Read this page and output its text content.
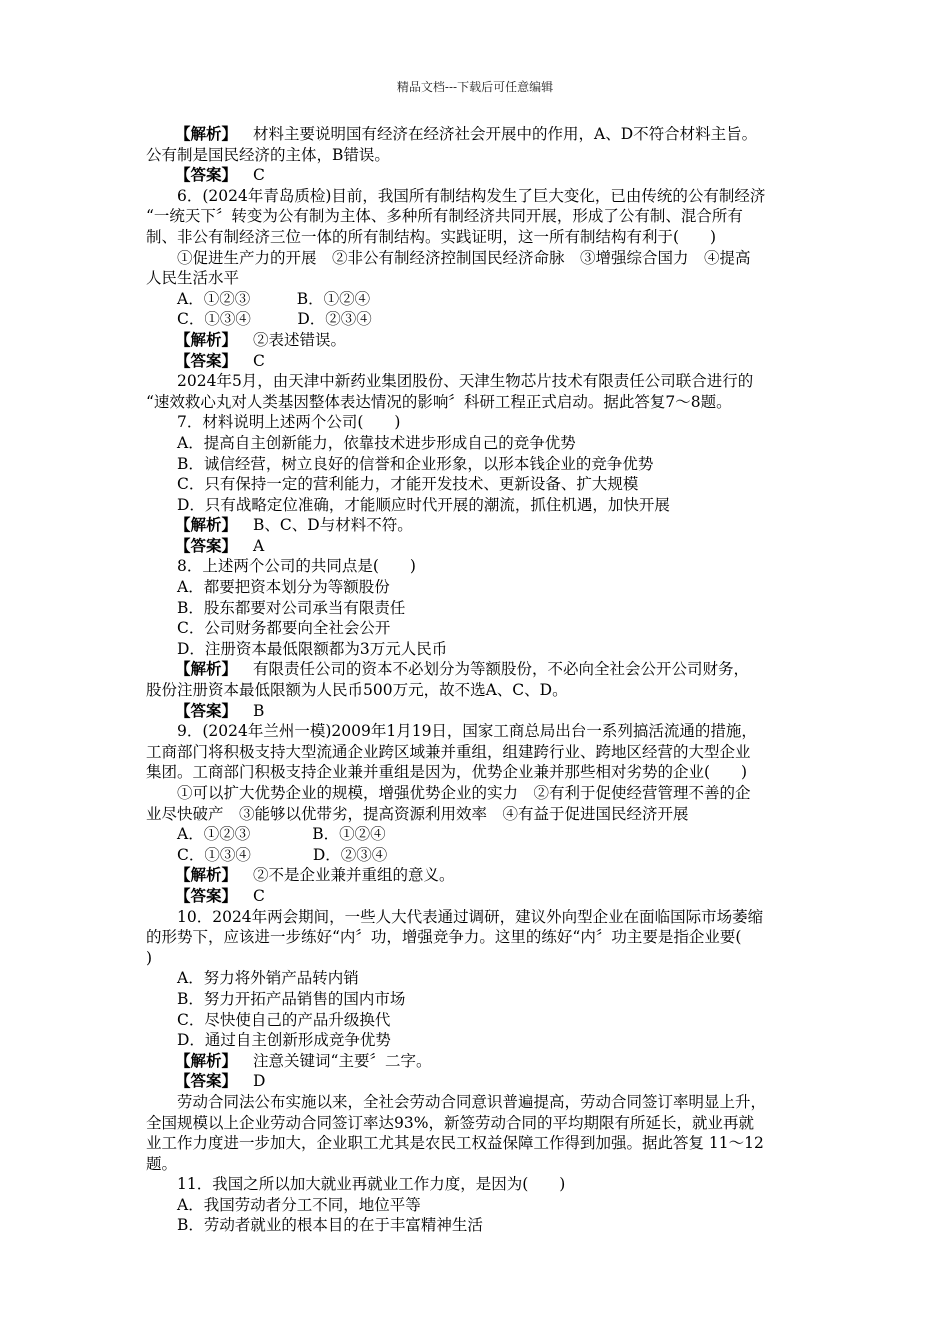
精品文档---下载后可任意编辑
【解析】 材料主要说明国有经济在经济社会开展中的作用，A、D不符合材料主旨。
公有制是国民经济的主体，B错误。
【答案】 C
6．(2024年青岛质检)目前，我国所有制结构发生了巨大变化，已由传统的公有制经济
“一统天下〞转变为公有制为主体、多种所有制经济共同开展，形成了公有制、混合所有
制、非公有制经济三位一体的所有制结构。实践证明，这一所有制结构有利于(　　)
①促进生产力的开展　②非公有制经济控制国民经济命脉　③增强综合国力　④提高
人民生活水平
A．①②③　　　B．①②④
C．①③④　　　D．②③④
【解析】 ②表述错误。
【答案】 C
2024年5月，由天津中新药业集团股份、天津生物芯片技术有限责任公司联合进行的
“速效救心丸对人类基因整体表达情况的影响〞科研工程正式启动。据此答复7～8题。
7．材料说明上述两个公司(　　)
A．提高自主创新能力，依靠技术进步形成自己的竞争优势
B．诚信经营，树立良好的信誉和企业形象，以形本钱企业的竞争优势
C．只有保持一定的营利能力，才能开发技术、更新设备、扩大规模
D．只有战略定位准确，才能顺应时代开展的潮流，抓住机遇，加快开展
【解析】 B、C、D与材料不符。
【答案】 A
8．上述两个公司的共同点是(　　)
A．都要把资本划分为等额股份
B．股东都要对公司承当有限责任
C．公司财务都要向全社会公开
D．注册资本最低限额都为3万元人民币
【解析】 有限责任公司的资本不必划分为等额股份，不必向全社会公开公司财务，
股份注册资本最低限额为人民币500万元，故不选A、C、D。
【答案】 B
9．(2024年兰州一模)2009年1月19日，国家工商总局出台一系列搞活流通的措施，
工商部门将积极支持大型流通企业跨区域兼并重组，组建跨行业、跨地区经营的大型企业
集团。工商部门积极支持企业兼并重组是因为，优势企业兼并那些相对劣势的企业(　　)
①可以扩大优势企业的规模，增强优势企业的实力　②有利于促使经营管理不善的企
业尽快破产　③能够以优带劣，提高资源利用效率　④有益于促进国民经济开展
A．①②③　　　　B．①②④
C．①③④　　　　D．②③④
【解析】 ②不是企业兼并重组的意义。
【答案】 C
10．2024年两会期间，一些人大代表通过调研，建议外向型企业在面临国际市场萎缩
的形势下，应该进一步练好“内〞功，增强竞争力。这里的练好“内〞功主要是指企业要(
)
A．努力将外销产品转内销
B．努力开拓产品销售的国内市场
C．尽快使自己的产品升级换代
D．通过自主创新形成竞争优势
【解析】 注意关键词“主要〞二字。
【答案】 D
劳动合同法公布实施以来，全社会劳动合同意识普遍提高，劳动合同签订率明显上升，
全国规模以上企业劳动合同签订率达93%，新签劳动合同的平均期限有所延长，就业再就
业工作力度进一步加大，企业职工尤其是农民工权益保障工作得到加强。据此答复 11～12
题。
11．我国之所以加大就业再就业工作力度，是因为(　　)
A．我国劳动者分工不同，地位平等
B．劳动者就业的根本目的在于丰富精神生活
